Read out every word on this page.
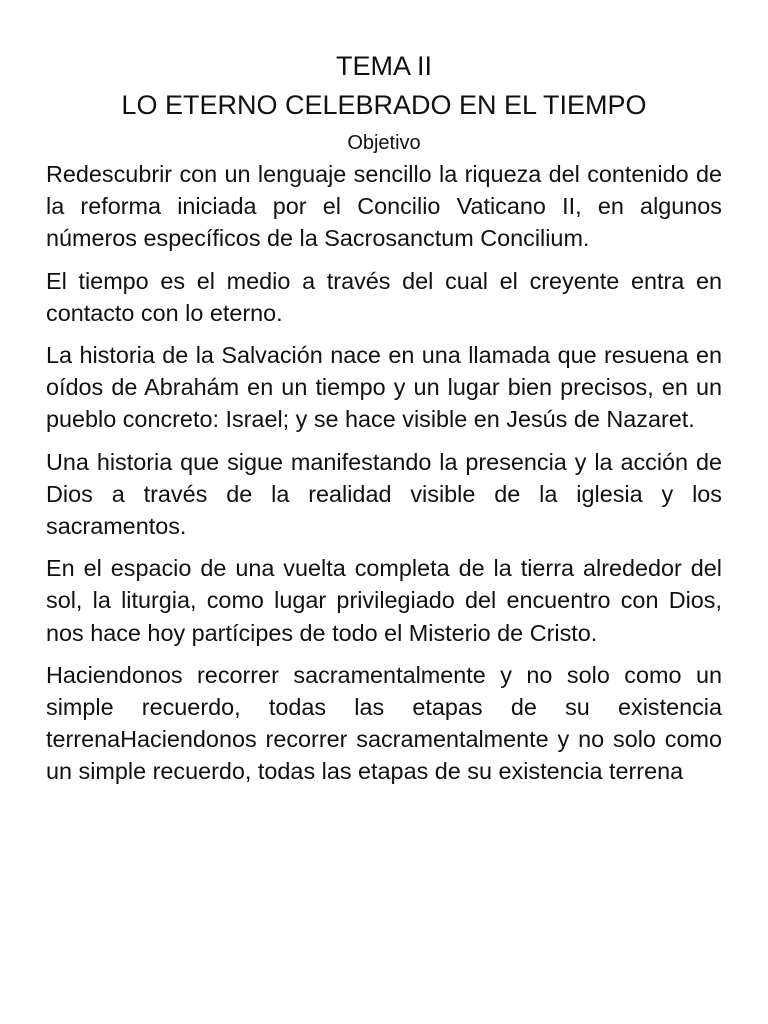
TEMA II
LO ETERNO CELEBRADO EN EL TIEMPO
Objetivo

Redescubrir con un lenguaje sencillo la riqueza del contenido de la reforma iniciada por el Concilio Vaticano II, en algunos números específicos de la Sacrosanctum Concilium.

El tiempo es el medio a través del cual el creyente entra en contacto con lo eterno.

La historia de la Salvación nace en una llamada que resuena en oídos de Abrahám en un tiempo y un lugar bien precisos, en un pueblo concreto: Israel; y se hace visible en Jesús de Nazaret.

Una historia que sigue manifestando la presencia y la acción de Dios a través de la realidad visible de la iglesia y los sacramentos.

En el espacio de una vuelta completa de la tierra alrededor del sol, la liturgia, como lugar privilegiado del encuentro con Dios, nos hace hoy partícipes de todo el Misterio de Cristo.

Haciendonos recorrer sacramentalmente y no solo como un simple recuerdo, todas las etapas de su existencia terrenaHaciendonos recorrer sacramentalmente y no solo como un simple recuerdo, todas las etapas de su existencia terrena
